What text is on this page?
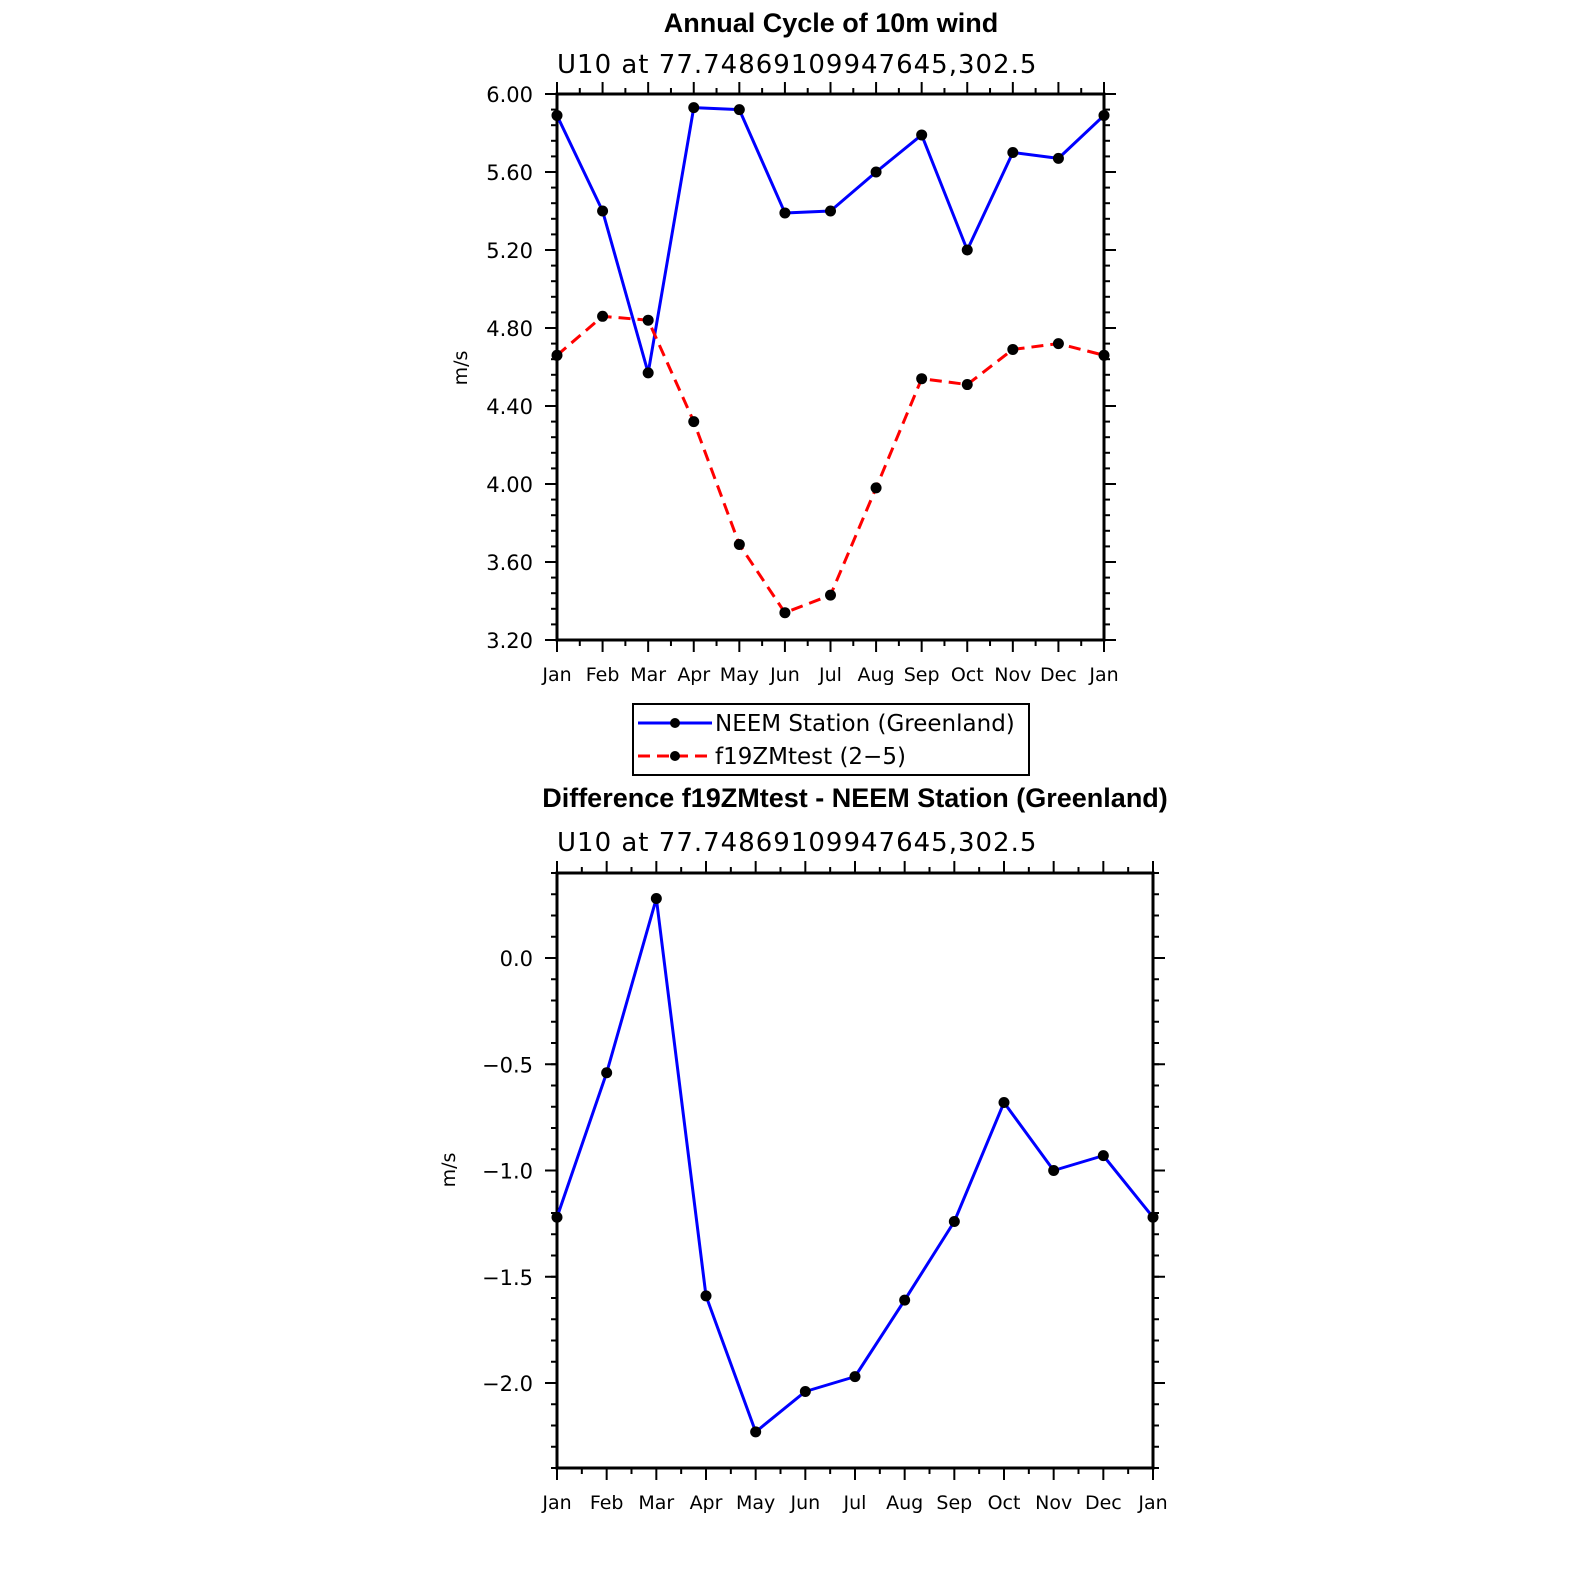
Annual Cycle of 10m wind
U10 at 77.74869109947645,302.5
m/s
Jan Feb Mar Apr May Jun Jul Aug Sep Oct Nov Dec Jan
3.20
3.60
4.00
4.40
4.80
5.20
5.60
6.00
NEEM Station (Greenland)
f19ZMtest (2−5)
Difference f19ZMtest - NEEM Station (Greenland)
U10 at 77.74869109947645,302.5
m/s
Jan Feb Mar Apr May Jun Jul Aug Sep Oct Nov Dec Jan
−2.0
−1.5
−1.0
−0.5
0.0
